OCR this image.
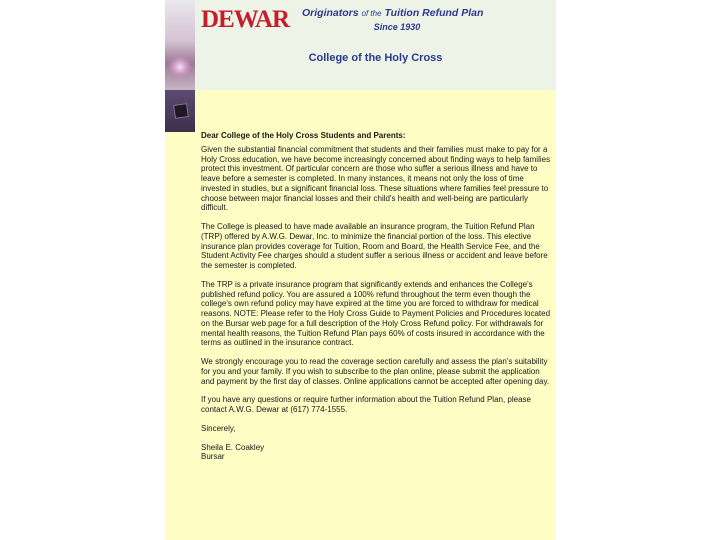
DEWAR Originators of the Tuition Refund Plan
Since 1930
College of the Holy Cross

Dear College of the Holy Cross Students and Parents:

Given the substantial financial commitment that students and their families must make to pay for a Holy Cross education, we have become increasingly concerned about finding ways to help families protect this investment. Of particular concern are those who suffer a serious illness and have to leave before a semester is completed. In many instances, it means not only the loss of time invested in studies, but a significant financial loss. These situations where families feel pressure to choose between major financial losses and their child's health and well-being are particularly difficult.

The College is pleased to have made available an insurance program, the Tuition Refund Plan (TRP) offered by A.W.G. Dewar, Inc. to minimize the financial portion of the loss. This elective insurance plan provides coverage for Tuition, Room and Board, the Health Service Fee, and the Student Activity Fee charges should a student suffer a serious illness or accident and leave before the semester is completed.

The TRP is a private insurance program that significantly extends and enhances the College's published refund policy. You are assured a 100% refund throughout the term even though the college's own refund policy may have expired at the time you are forced to withdraw for medical reasons. NOTE: Please refer to the Holy Cross Guide to Payment Policies and Procedures located on the Bursar web page for a full description of the Holy Cross Refund policy. For withdrawals for mental health reasons, the Tuition Refund Plan pays 60% of costs insured in accordance with the terms as outlined in the insurance contract.

We strongly encourage you to read the coverage section carefully and assess the plan's suitability for you and your family. If you wish to subscribe to the plan online, please submit the application and payment by the first day of classes. Online applications cannot be accepted after opening day.

If you have any questions or require further information about the Tuition Refund Plan, please contact A.W.G. Dewar at (617) 774-1555.

Sincerely,

Sheila E. Coakley

Bursar
